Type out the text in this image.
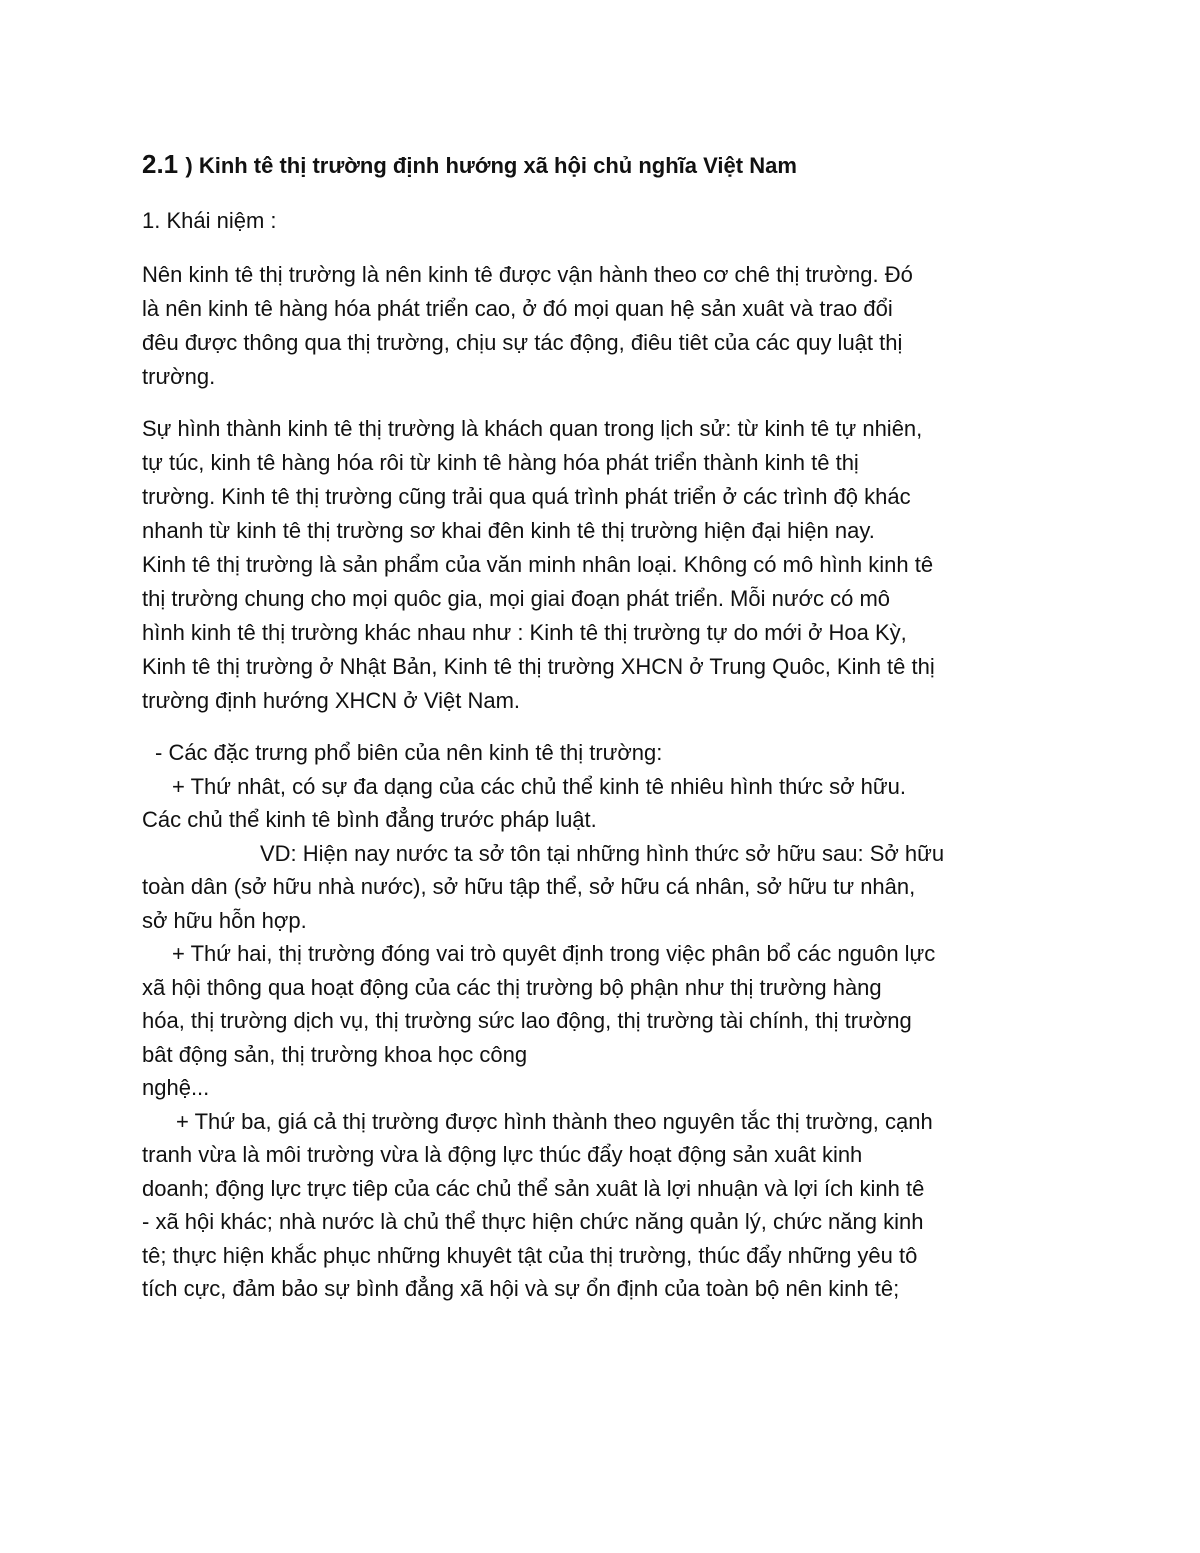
2.1 ) Kinh tê thị trường định hướng xã hội chủ nghĩa Việt Nam
1. Khái niệm :
Nên kinh tê thị trường là nên kinh tê được vận hành theo cơ chê thị trường. Đó
là nên kinh tê hàng hóa phát triển cao, ở đó mọi quan hệ sản xuât và trao đổi
đêu được thông qua thị trường, chịu sự tác động, điêu tiêt của các quy luật thị
trường.
Sự hình thành kinh tê thị trường là khách quan trong lịch sử: từ kinh tê tự nhiên,
tự túc, kinh tê hàng hóa rôi từ kinh tê hàng hóa phát triển thành kinh tê thị
trường. Kinh tê thị trường cũng trải qua quá trình phát triển ở các trình độ khác
nhanh từ kinh tê thị trường sơ khai đên kinh tê thị trường hiện đại hiện nay.
Kinh tê thị trường là sản phẩm của văn minh nhân loại. Không có mô hình kinh tê
thị trường chung cho mọi quôc gia, mọi giai đoạn phát triển. Mỗi nước có mô
hình kinh tê thị trường khác nhau như : Kinh tê thị trường tự do mới ở Hoa Kỳ,
Kinh tê thị trường ở Nhật Bản, Kinh tê thị trường XHCN ở Trung Quôc, Kinh tê thị
trường định hướng XHCN ở Việt Nam.
- Các đặc trưng phổ biên của nên kinh tê thị trường:
+ Thứ nhât, có sự đa dạng của các chủ thể kinh tê nhiêu hình thức sở hữu.
Các chủ thể kinh tê bình đẳng trước pháp luật.
VD: Hiện nay nước ta sở tôn tại những hình thức sở hữu sau: Sở hữu
toàn dân (sở hữu nhà nước), sở hữu tập thể, sở hữu cá nhân, sở hữu tư nhân,
sở hữu hỗn hợp.
+ Thứ hai, thị trường đóng vai trò quyêt định trong việc phân bổ các nguôn lực
xã hội thông qua hoạt động của các thị trường bộ phận như thị trường hàng
hóa, thị trường dịch vụ, thị trường sức lao động, thị trường tài chính, thị trường
bât động sản, thị trường khoa học công
nghệ...
+ Thứ ba, giá cả thị trường được hình thành theo nguyên tắc thị trường, cạnh
tranh vừa là môi trường vừa là động lực thúc đẩy hoạt động sản xuât kinh
doanh; động lực trực tiêp của các chủ thể sản xuât là lợi nhuận và lợi ích kinh tê
- xã hội khác; nhà nước là chủ thể thực hiện chức năng quản lý, chức năng kinh
tê; thực hiện khắc phục những khuyêt tật của thị trường, thúc đẩy những yêu tô
tích cực, đảm bảo sự bình đẳng xã hội và sự ổn định của toàn bộ nên kinh tê;
